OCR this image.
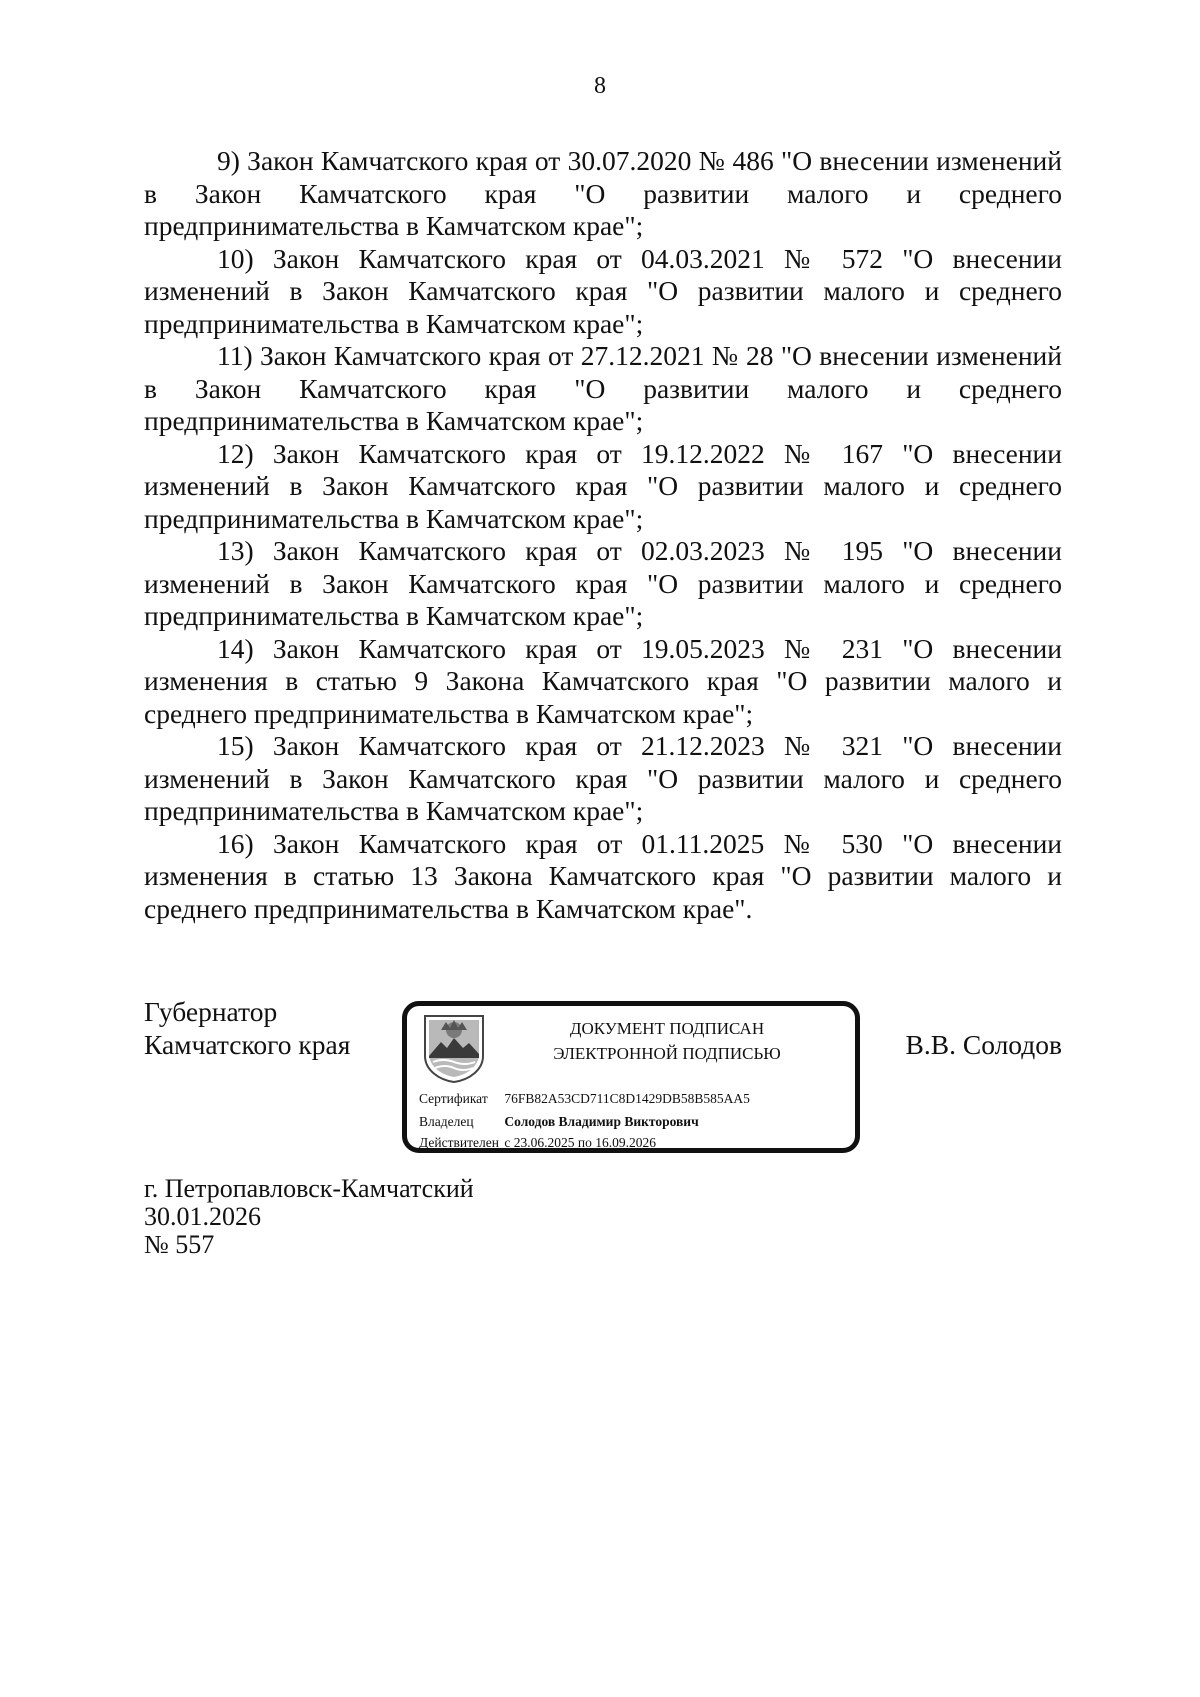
8

9) Закон Камчатского края от 30.07.2020 № 486 "О внесении изменений в Закон Камчатского края "О развитии малого и среднего предпринимательства в Камчатском крае";

10) Закон Камчатского края от 04.03.2021 № 572 "О внесении изменений в Закон Камчатского края "О развитии малого и среднего предпринимательства в Камчатском крае";

11) Закон Камчатского края от 27.12.2021 № 28 "О внесении изменений в Закон Камчатского края "О развитии малого и среднего предпринимательства в Камчатском крае";

12) Закон Камчатского края от 19.12.2022 № 167 "О внесении изменений в Закон Камчатского края "О развитии малого и среднего предпринимательства в Камчатском крае";

13) Закон Камчатского края от 02.03.2023 № 195 "О внесении изменений в Закон Камчатского края "О развитии малого и среднего предпринимательства в Камчатском крае";

14) Закон Камчатского края от 19.05.2023 № 231 "О внесении изменения в статью 9 Закона Камчатского края "О развитии малого и среднего предпринимательства в Камчатском крае";

15) Закон Камчатского края от 21.12.2023 № 321 "О внесении изменений в Закон Камчатского края "О развитии малого и среднего предпринимательства в Камчатском крае";

16) Закон Камчатского края от 01.11.2025 № 530 "О внесении изменения в статью 13 Закона Камчатского края "О развитии малого и среднего предпринимательства в Камчатском крае".

Губернатор
Камчатского края	В.В. Солодов
ДОКУМЕНТ ПОДПИСАН
ЭЛЕКТРОННОЙ ПОДПИСЬЮ
Сертификат 76FB82A53CD711C8D1429DB58B585AA5
Владелец Солодов Владимир Викторович
Действителен с 23.06.2025 по 16.09.2026
г. Петропавловск-Камчатский
30.01.2026
№ 557
